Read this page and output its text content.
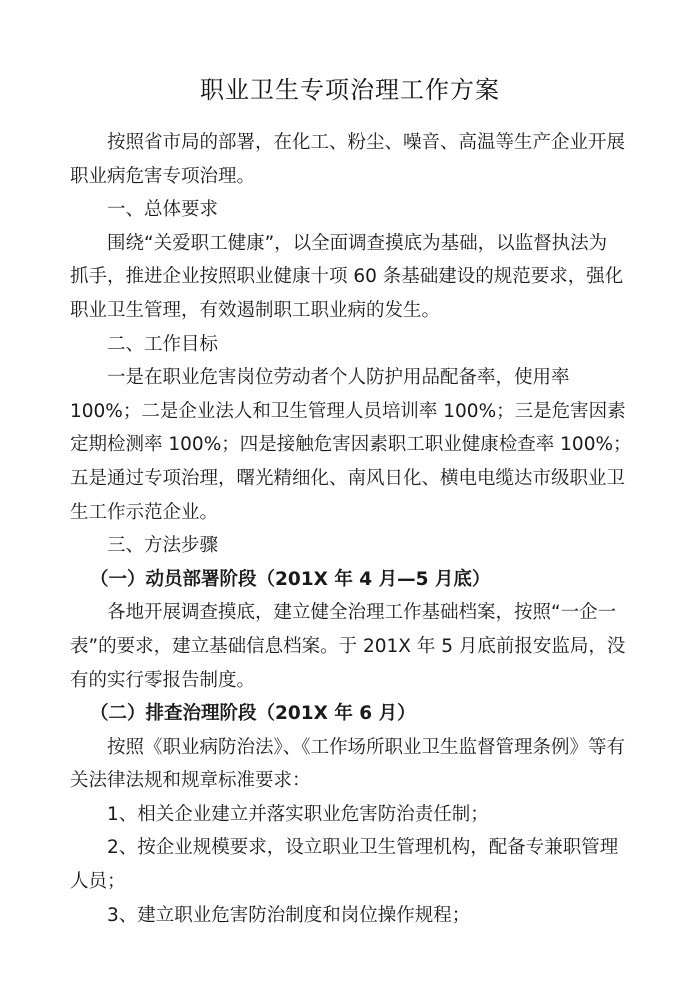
职业卫生专项治理工作方案

按照省市局的部署，在化工、粉尘、噪音、高温等生产企业开展
职业病危害专项治理。

一、总体要求

围绕“关爱职工健康”，以全面调查摸底为基础，以监督执法为
抓手，推进企业按照职业健康十项 60 条基础建设的规范要求，强化
职业卫生管理，有效遏制职工职业病的发生。

二、工作目标

一是在职业危害岗位劳动者个人防护用品配备率，使用率
100%；二是企业法人和卫生管理人员培训率 100%；三是危害因素
定期检测率 100%；四是接触危害因素职工职业健康检查率 100%；
五是通过专项治理，曙光精细化、南风日化、横电电缆达市级职业卫
生工作示范企业。

三、方法步骤

（一）动员部署阶段（201X 年 4 月—5 月底）

各地开展调查摸底，建立健全治理工作基础档案，按照“一企一
表”的要求，建立基础信息档案。于 201X 年 5 月底前报安监局，没
有的实行零报告制度。

（二）排查治理阶段（201X 年 6 月）

按照《职业病防治法》、《工作场所职业卫生监督管理条例》等有
关法律法规和规章标准要求：

1、相关企业建立并落实职业危害防治责任制；

2、按企业规模要求，设立职业卫生管理机构，配备专兼职管理
人员；

3、建立职业危害防治制度和岗位操作规程；
